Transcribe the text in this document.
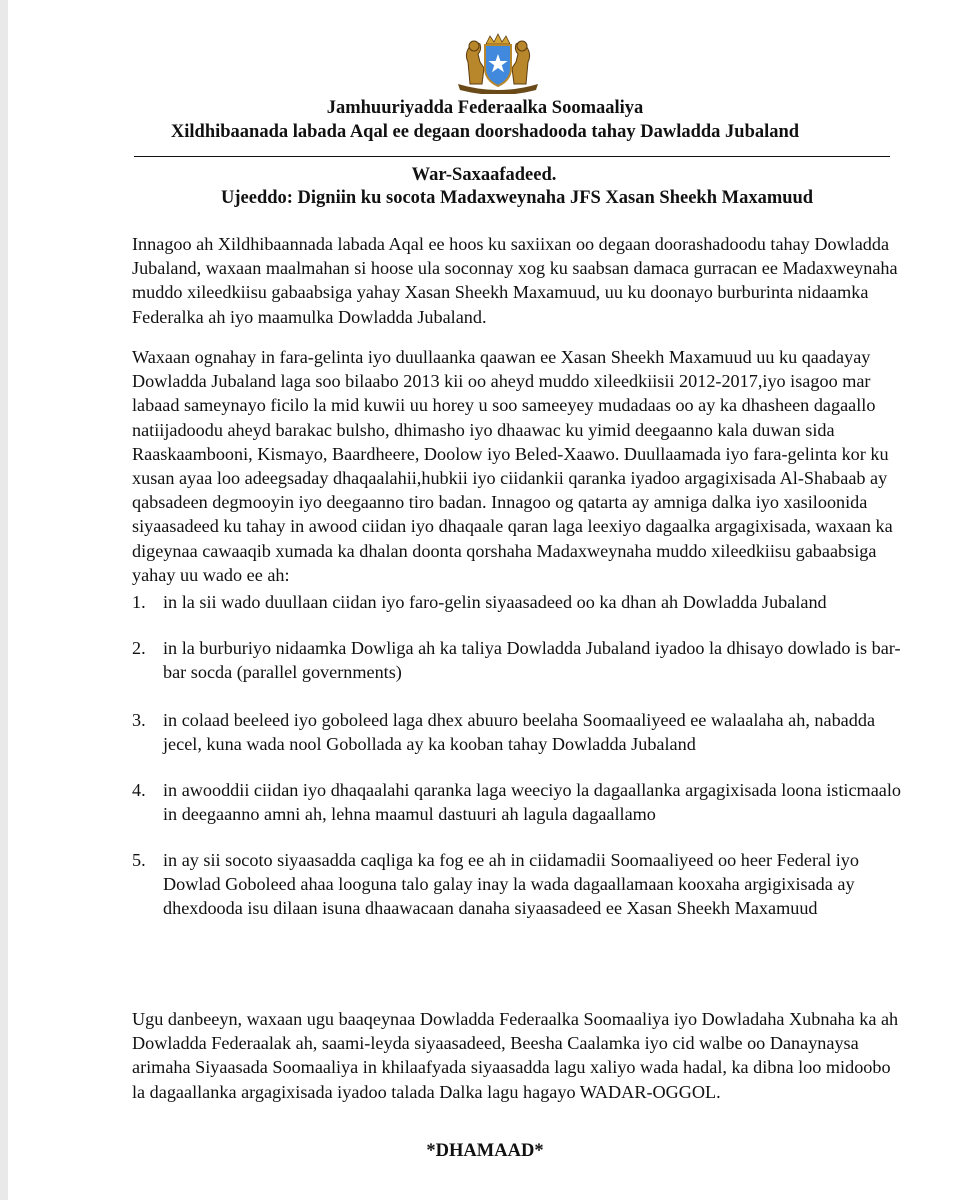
Jamhuuriyadda Federaalka Soomaaliya
Xildhibaanada labada Aqal ee degaan doorshadooda tahay Dawladda Jubaland
War-Saxaafadeed.
Ujeeddo: Digniin ku socota Madaxweynaha JFS Xasan Sheekh Maxamuud
Innagoo ah Xildhibaannada labada Aqal ee hoos ku saxiixan oo degaan doorashadoodu tahay Dowladda Jubaland, waxaan maalmahan si hoose ula soconnay xog ku saabsan damaca gurracan ee Madaxweynaha muddo xileedkiisu gabaabsiga yahay Xasan Sheekh Maxamuud, uu ku doonayo burburinta nidaamka Federalka ah iyo maamulka Dowladda Jubaland.
Waxaan ognahay in fara-gelinta iyo duullaanka qaawan ee Xasan Sheekh Maxamuud uu ku qaadayay Dowladda Jubaland laga soo bilaabo 2013 kii oo aheyd muddo xileedkiisii 2012-2017,iyo isagoo mar labaad sameynayo ficilo la mid kuwii uu horey u soo sameeyey mudadaas oo ay ka dhasheen dagaallo natiijadoodu aheyd barakac bulsho, dhimasho iyo dhaawac ku yimid deegaanno kala duwan sida Raaskaambooni, Kismayo, Baardheere, Doolow iyo Beled-Xaawo. Duullaamada iyo fara-gelinta kor ku xusan ayaa loo adeegsaday dhaqaalahii,hubkii iyo ciidankii qaranka iyadoo argagixisada Al-Shabaab ay qabsadeen degmooyin iyo deegaanno tiro badan. Innagoo og qatarta ay amniga dalka iyo xasiloonida siyaasadeed ku tahay in awood ciidan iyo dhaqaale qaran laga leexiyo dagaalka argagixisada, waxaan ka digeynaa cawaaqib xumada ka dhalan doonta qorshaha Madaxweynaha muddo xileedkiisu gabaabsiga yahay uu wado ee ah:
1. in la sii wado duullaan ciidan iyo faro-gelin siyaasadeed oo ka dhan ah Dowladda Jubaland
2. in la burburiyo nidaamka Dowliga ah ka taliya Dowladda Jubaland iyadoo la dhisayo dowlado is bar-bar socda (parallel governments)
3. in colaad beeleed iyo goboleed laga dhex abuuro beelaha Soomaaliyeed ee walaalaha ah, nabadda jecel, kuna wada nool Gobollada ay ka kooban tahay Dowladda Jubaland
4. in awooddii ciidan iyo dhaqaalahi qaranka laga weeciyo la dagaallanka argagixisada loona isticmaalo in deegaanno amni ah, lehna maamul dastuuri ah lagula dagaallamo
5. in ay sii socoto siyaasadda caqliga ka fog ee ah in ciidamadii Soomaaliyeed oo heer Federal iyo Dowlad Goboleed ahaa looguna talo galay inay la wada dagaallamaan kooxaha argigixisada ay dhexdooda isu dilaan isuna dhaawacaan danaha siyaasadeed ee Xasan Sheekh Maxamuud
Ugu danbeeyn, waxaan ugu baaqeynaa Dowladda Federaalka Soomaaliya iyo Dowladaha Xubnaha ka ah Dowladda Federaalak ah, saami-leyda siyaasadeed, Beesha Caalamka iyo cid walbe oo Danaynaysa arimaha Siyaasada Soomaaliya in khilaafyada siyaasadda lagu xaliyo wada hadal, ka dibna loo midoobo la dagaallanka argagixisada iyadoo talada Dalka lagu hagayo WADAR-OGGOL.
*DHAMAAD*
